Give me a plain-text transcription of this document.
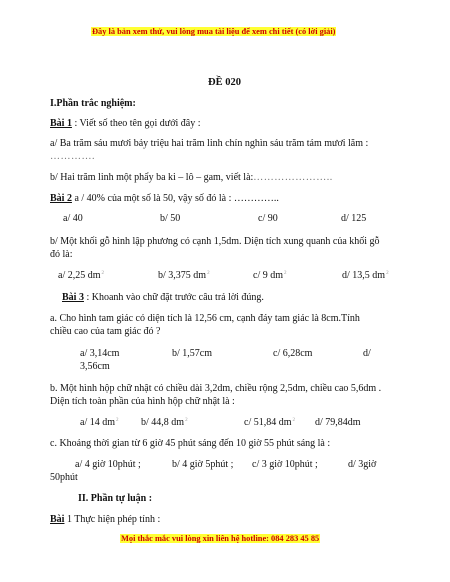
Đây là bản xem thử, vui lòng mua tài liệu để xem chi tiết (có lời giải)
ĐỀ 020
I.Phần trắc nghiệm:
Bài 1 : Viết số theo tên gọi dưới đây :
a/ Ba trăm sáu mươi bảy triệu hai trăm linh chín nghìn sáu trăm tám mươi lăm :
………….
b/ Hai trăm linh một phẩy ba ki – lô – gam, viết là:…………………..
Bài 2 a / 40% của một số là 50, vậy số đó là : …………..
a/ 40	b/ 50	c/ 90	d/ 125
b/ Một khối gỗ hình lập phương có cạnh 1,5dm. Diện tích xung quanh của khối gỗ
đó là:
a/ 2,25 $dm^2$	b/ 3,375 $dm^2$	c/ 9 $dm^2$	d/ 13,5 $dm^2$
Bài 3 : Khoanh vào chữ đặt trước câu trả lời đúng.
a. Cho hình tam giác có diện tích là 12,56 cm, cạnh đáy tam giác là 8cm.Tính
chiều cao của tam giác đó ?
a/ 3,14cm	b/ 1,57cm	c/ 6,28cm	d/
3,56cm
b. Một hình hộp chữ nhật có chiều dài 3,2dm, chiều rộng 2,5dm, chiều cao 5,6dm .
Diện tích toàn phần của hình hộp chữ nhật là :
a/ 14 $dm^2$ b/ 44,8 $dm^2$	c/ 51,84 $dm^2$ d/ 79,84dm
c. Khoảng thời gian từ 6 giờ 45 phút sáng đến 10 giờ 55 phút sáng là :
a/ 4 giờ 10phút ;	b/ 4 giờ 5phút ; c/ 3 giờ 10phút ;	d/ 3giờ
50phút
II. Phần tự luận :
Bài 1 Thực hiện phép tính :
Mọi thắc mắc vui lòng xin liên hệ hotline: 084 283 45 85
